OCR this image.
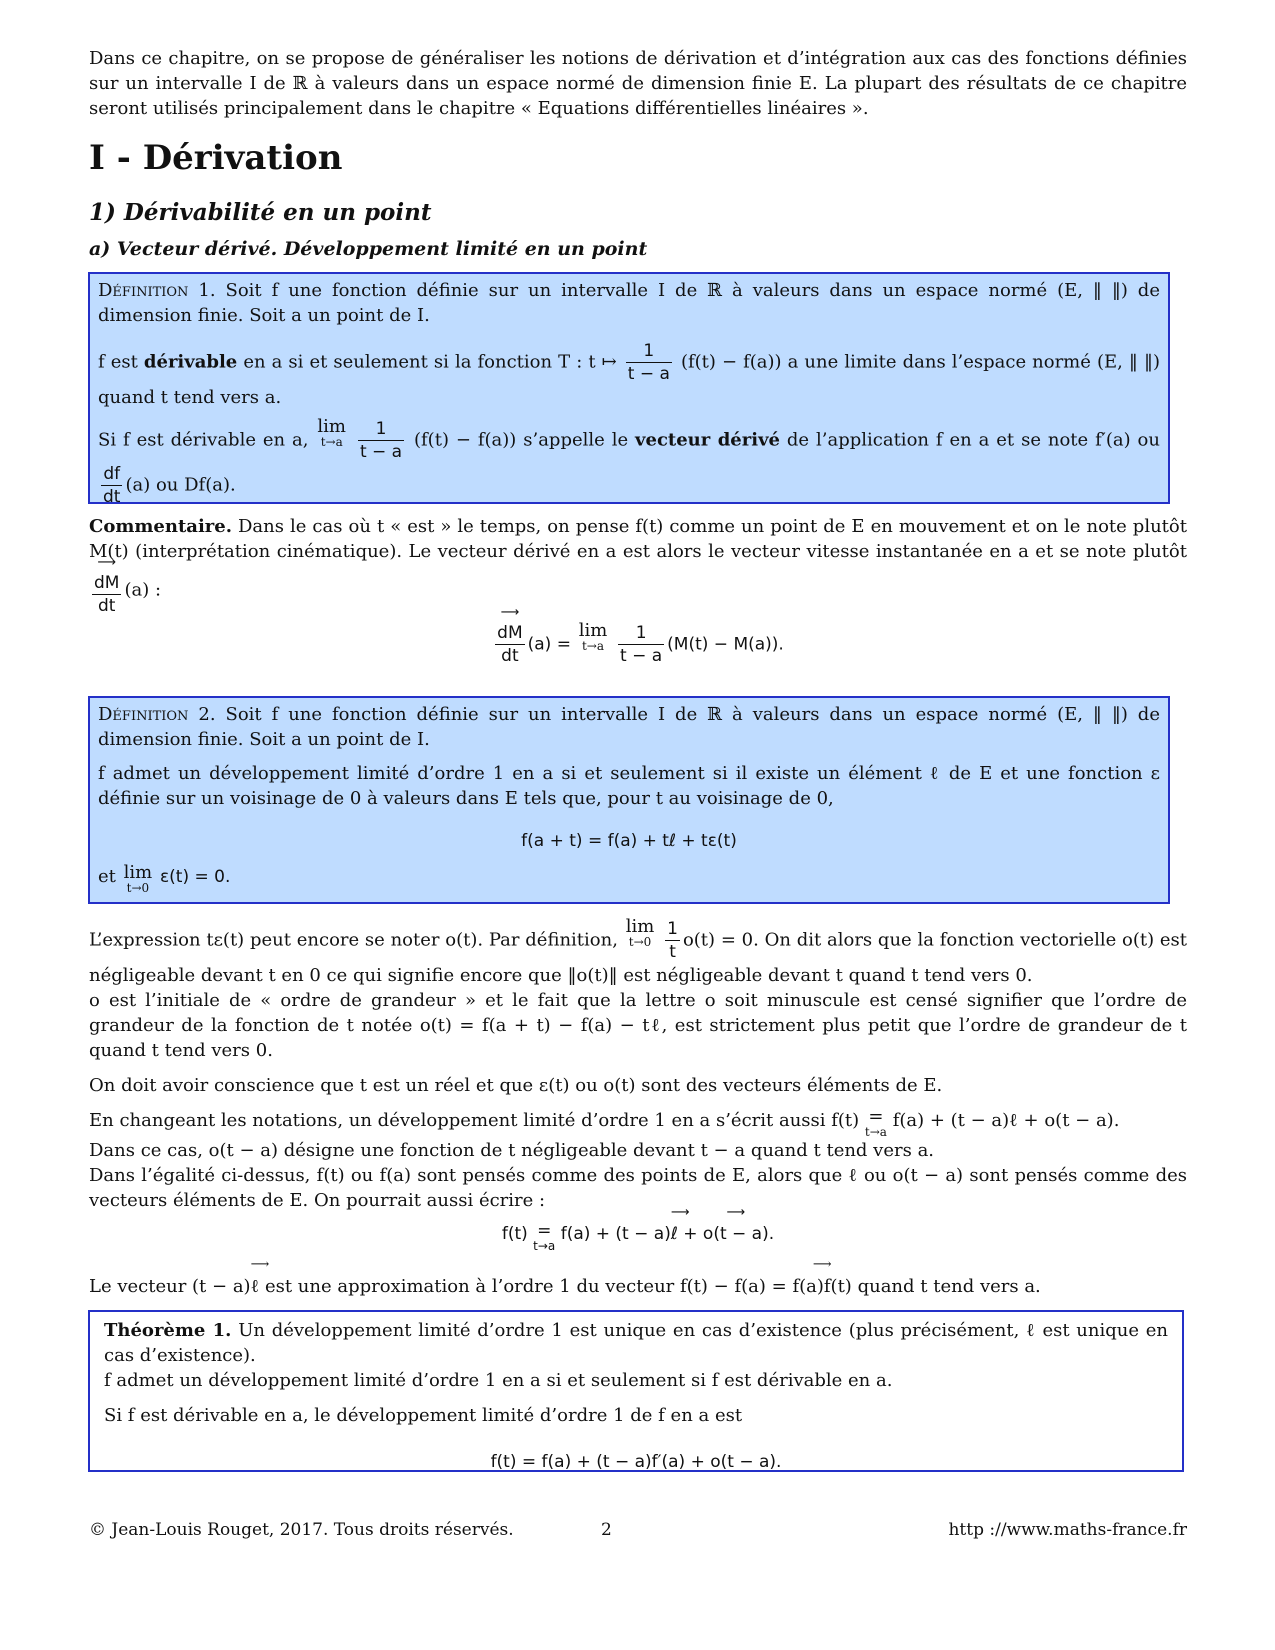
Dans ce chapitre, on se propose de généraliser les notions de dérivation et d’intégration aux cas des fonctions définies sur un intervalle I de ℝ à valeurs dans un espace normé de dimension finie E. La plupart des résultats de ce chapitre seront utilisés principalement dans le chapitre « Equations différentielles linéaires ».

I - Dérivation
1) Dérivabilité en un point
a) Vecteur dérivé. Développement limité en un point

Définition 1. Soit f une fonction définie sur un intervalle I de ℝ à valeurs dans un espace normé (E, ‖ ‖) de dimension finie. Soit a un point de I.

f est dérivable en a si et seulement si la fonction T : t ↦ $\frac{1}{t - a} (f(t) - f(a))$ a une limite dans l’espace normé (E, ‖ ‖) quand t tend vers a.

Si f est dérivable en a, lim
t→a
$\frac{1}{t - a} (f(t) - f(a))$ s’appelle le vecteur dérivé de l’application f en a et se note f′(a) ou
$\frac{df}{dt} (a)$ ou Df(a).

Commentaire. Dans le cas où t « est » le temps, on pense f(t) comme un point de E en mouvement et on le note plutôt M(t) (interprétation cinématique). Le vecteur dérivé en a est alors le vecteur vitesse instantanée en a et se note plutôt
⟶ $\frac{dM}{dt} (a)$ :

⟶ $\frac{dM}{dt} (a) = \lim$
t→a
$\frac{1}{t - a} (M(t) - M(a))$.

Définition 2. Soit f une fonction définie sur un intervalle I de ℝ à valeurs dans un espace normé (E, ‖ ‖) de dimension finie. Soit a un point de I.

f admet un développement limité d’ordre 1 en a si et seulement si il existe un élément ℓ de E et une fonction ε définie sur un voisinage de 0 à valeurs dans E tels que, pour t au voisinage de 0,

f(a + t) = f(a) + tℓ + tε(t)

et lim
t→0
ε(t) = 0.

L’expression tε(t) peut encore se noter o(t). Par définition, lim
t→0
$\frac{1}{t} o(t) = 0$. On dit alors que la fonction vectorielle o(t) est négligeable devant t en 0 ce qui signifie encore que ‖o(t)‖ est négligeable devant t quand t tend vers 0.

o est l’initiale de « ordre de grandeur » et le fait que la lettre o soit minuscule est censé signifier que l’ordre de grandeur de la fonction de t notée o(t) = f(a + t) − f(a) − tℓ, est strictement plus petit que l’ordre de grandeur de t quand t tend vers 0.

On doit avoir conscience que t est un réel et que ε(t) ou o(t) sont des vecteurs éléments de E.

En changeant les notations, un développement limité d’ordre 1 en a s’écrit aussi f(t) =
t→a
f(a) + (t − a)ℓ + o(t − a).

Dans ce cas, o(t − a) désigne une fonction de t négligeable devant t − a quand t tend vers a.

Dans l’égalité ci-dessus, f(t) ou f(a) sont pensés comme des points de E, alors que ℓ ou o(t − a) sont pensés comme des vecteurs éléments de E. On pourrait aussi écrire :

f(t) =
t→a
f(a) + (t − a)⟶ ℓ + ⟶ o(t − a).

Le vecteur (t − a)⟶ ℓ est une approximation à l’ordre 1 du vecteur f(t) − f(a) = ⟶ f(a)f(t) quand t tend vers a.

Théorème 1. Un développement limité d’ordre 1 est unique en cas d’existence (plus précisément, ℓ est unique en cas d’existence).

f admet un développement limité d’ordre 1 en a si et seulement si f est dérivable en a.

Si f est dérivable en a, le développement limité d’ordre 1 de f en a est

f(t) = f(a) + (t − a)f′(a) + o(t − a).

© Jean-Louis Rouget, 2017. Tous droits réservés.	2	http ://www.maths-france.fr
